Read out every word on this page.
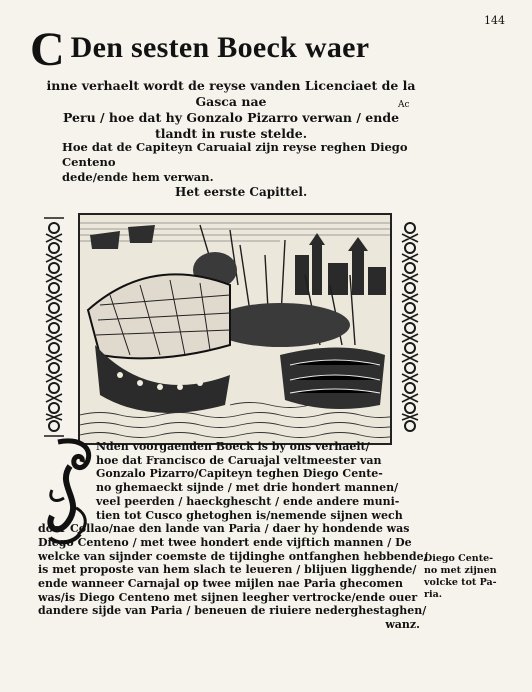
144
C Den sesten Boeck waer
inne verhaelt wordt de reyse vanden Licenciaet de la Gasca nae
Peru / hoe dat hy Gonzalo Pizarro verwan / ende
tlandt in ruste stelde.
Ac
Hoe dat de Capiteyn Caruaial zijn reyse reghen Diego Centeno
dede/ende hem verwan.
Het eerste Capittel.
Nden voorgaenden Boeck is by ons verhaelt/
hoe dat Francisco de Caruajal veltmeester van
Gonzalo Pizarro/Capiteyn teghen Diego Cente-
no ghemaeckt sijnde / met drie hondert mannen/
veel peerden / haeckghescht / ende andere muni-
tien tot Cusco ghetoghen is/nemende sijnen wech
door Collao/nae den lande van Paria / daer hy hondende was
Diego Centeno / met twee hondert ende vijftich mannen / De
welcke van sijnder coemste de tijdinghe ontfanghen hebbende/
is met proposte van hem slach te leueren / blijuen ligghende/
ende wanneer Carnajal op twee mijlen nae Paria ghecomen
was/is Diego Centeno met sijnen leegher vertrocke/ende ouer
dandere sijde van Paria / beneuen de riuiere nederghestaghen/
wanz.
Diego Cente-
no met zijnen
volcke tot Pa-
ria.
